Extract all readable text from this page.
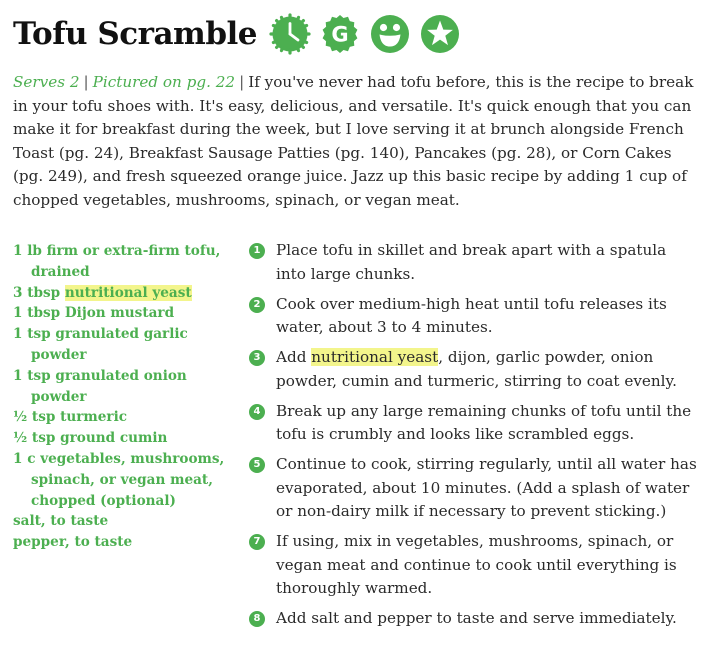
Tofu Scramble	G

Serves 2 | Pictured on pg. 22 | If you've never had tofu before, this is the recipe to break in your tofu shoes with. It's easy, delicious, and versatile. It's quick enough that you can make it for breakfast during the week, but I love serving it at brunch alongside French Toast (pg. 24), Breakfast Sausage Patties (pg. 140), Pancakes (pg. 28), or Corn Cakes (pg. 249), and fresh squeezed orange juice. Jazz up this basic recipe by adding 1 cup of chopped vegetables, mushrooms, spinach, or vegan meat.

1 lb firm or extra-firm tofu, drained
3 tbsp nutritional yeast
1 tbsp Dijon mustard
1 tsp granulated garlic powder
1 tsp granulated onion powder
½ tsp turmeric
½ tsp ground cumin
1 c vegetables, mushrooms, spinach, or vegan meat, chopped (optional)
salt, to taste
pepper, to taste
1 Place tofu in skillet and break apart with a spatula into large chunks.
2 Cook over medium-high heat until tofu releases its water, about 3 to 4 minutes.
3 Add nutritional yeast, dijon, garlic powder, onion powder, cumin and turmeric, stirring to coat evenly.
4 Break up any large remaining chunks of tofu until the tofu is crumbly and looks like scrambled eggs.
5 Continue to cook, stirring regularly, until all water has evaporated, about 10 minutes. (Add a splash of water or non-dairy milk if necessary to prevent sticking.)
7 If using, mix in vegetables, mushrooms, spinach, or vegan meat and continue to cook until everything is thoroughly warmed.
8 Add salt and pepper to taste and serve immediately.
